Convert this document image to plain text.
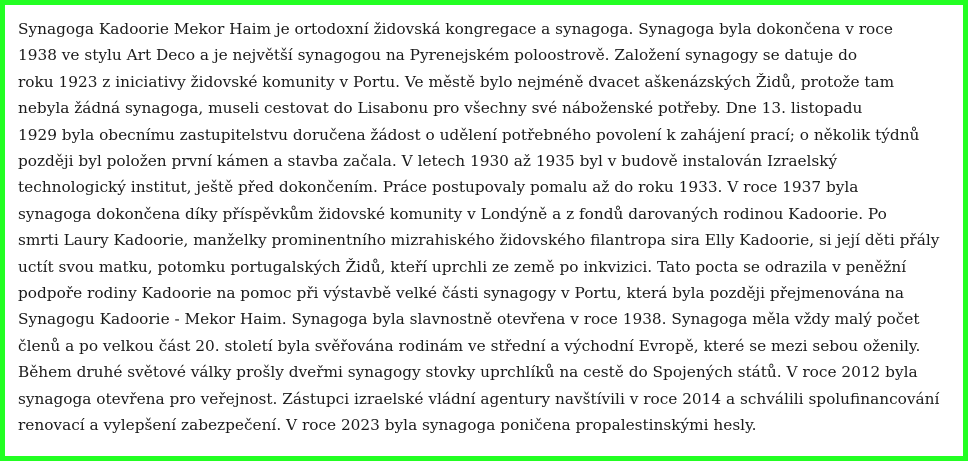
Synagoga Kadoorie Mekor Haim je ortodoxní židovská kongregace a synagoga. Synagoga byla dokončena v roce
1938 ve stylu Art Deco a je největší synagogou na Pyrenejském poloostrově. Založení synagogy se datuje do
roku 1923 z iniciativy židovské komunity v Portu. Ve městě bylo nejméně dvacet aškenázských Židů, protože tam
nebyla žádná synagoga, museli cestovat do Lisabonu pro všechny své náboženské potřeby. Dne 13. listopadu
1929 byla obecnímu zastupitelstvu doručena žádost o udělení potřebného povolení k zahájení prací; o několik týdnů
později byl položen první kámen a stavba začala. V letech 1930 až 1935 byl v budově instalován Izraelský
technologický institut, ještě před dokončením. Práce postupovaly pomalu až do roku 1933. V roce 1937 byla
synagoga dokončena díky příspěvkům židovské komunity v Londýně a z fondů darovaných rodinou Kadoorie. Po
smrti Laury Kadoorie, manželky prominentního mizrahiského židovského filantropa sira Elly Kadoorie, si její děti přály
uctít svou matku, potomku portugalských Židů, kteří uprchli ze země po inkvizici. Tato pocta se odrazila v peněžní
podpoře rodiny Kadoorie na pomoc při výstavbě velké části synagogy v Portu, která byla později přejmenována na
Synagogu Kadoorie - Mekor Haim. Synagoga byla slavnostně otevřena v roce 1938. Synagoga měla vždy malý počet
členů a po velkou část 20. století byla svěřována rodinám ve střední a východní Evropě, které se mezi sebou oženily.
Během druhé světové války prošly dveřmi synagogy stovky uprchlíků na cestě do Spojených států. V roce 2012 byla
synagoga otevřena pro veřejnost. Zástupci izraelské vládní agentury navštívili v roce 2014 a schválili spolufinancování
renovací a vylepšení zabezpečení. V roce 2023 byla synagoga poničena propalestinskými hesly.
